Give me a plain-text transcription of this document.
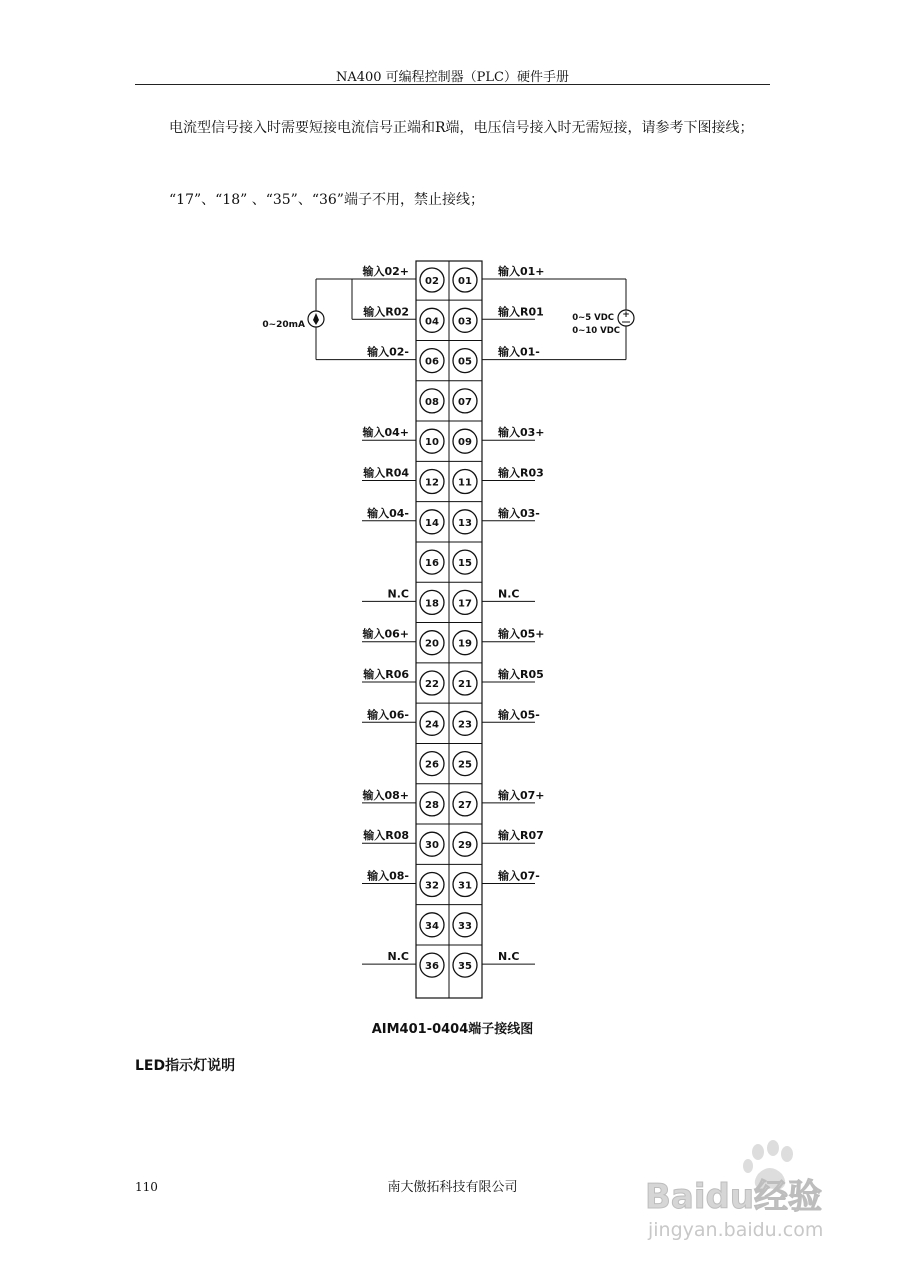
NA400 可编程控制器（PLC）硬件手册

电流型信号接入时需要短接电流信号正端和R端，电压信号接入时无需短接，请参考下图接线；

“17”、“18” 、“35”、“36”端子不用，禁止接线；

02 01
输入02+	输入01+
04 03
输入R02	输入R01
06 05
输入02-	输入01-
08 07
10 09
输入04+	输入03+
12 11
输入R04	输入R03
14 13
输入04-	输入03-
16 15
18 17
N.C	N.C
20 19
输入06+	输入05+
22 21
输入R06	输入R05
24 23
输入06-	输入05-
26 25
28 27
输入08+	输入07+
30 29
输入R08	输入R07
32 31
输入08-	输入07-
34 33
36 35
N.C	N.C
0~20mA
+
0~5 VDC
0~10 VDC
AIM401-0404端子接线图
LED指示灯说明
110	南大傲拓科技有限公司	Baidu经验
jingyan.baidu.com
